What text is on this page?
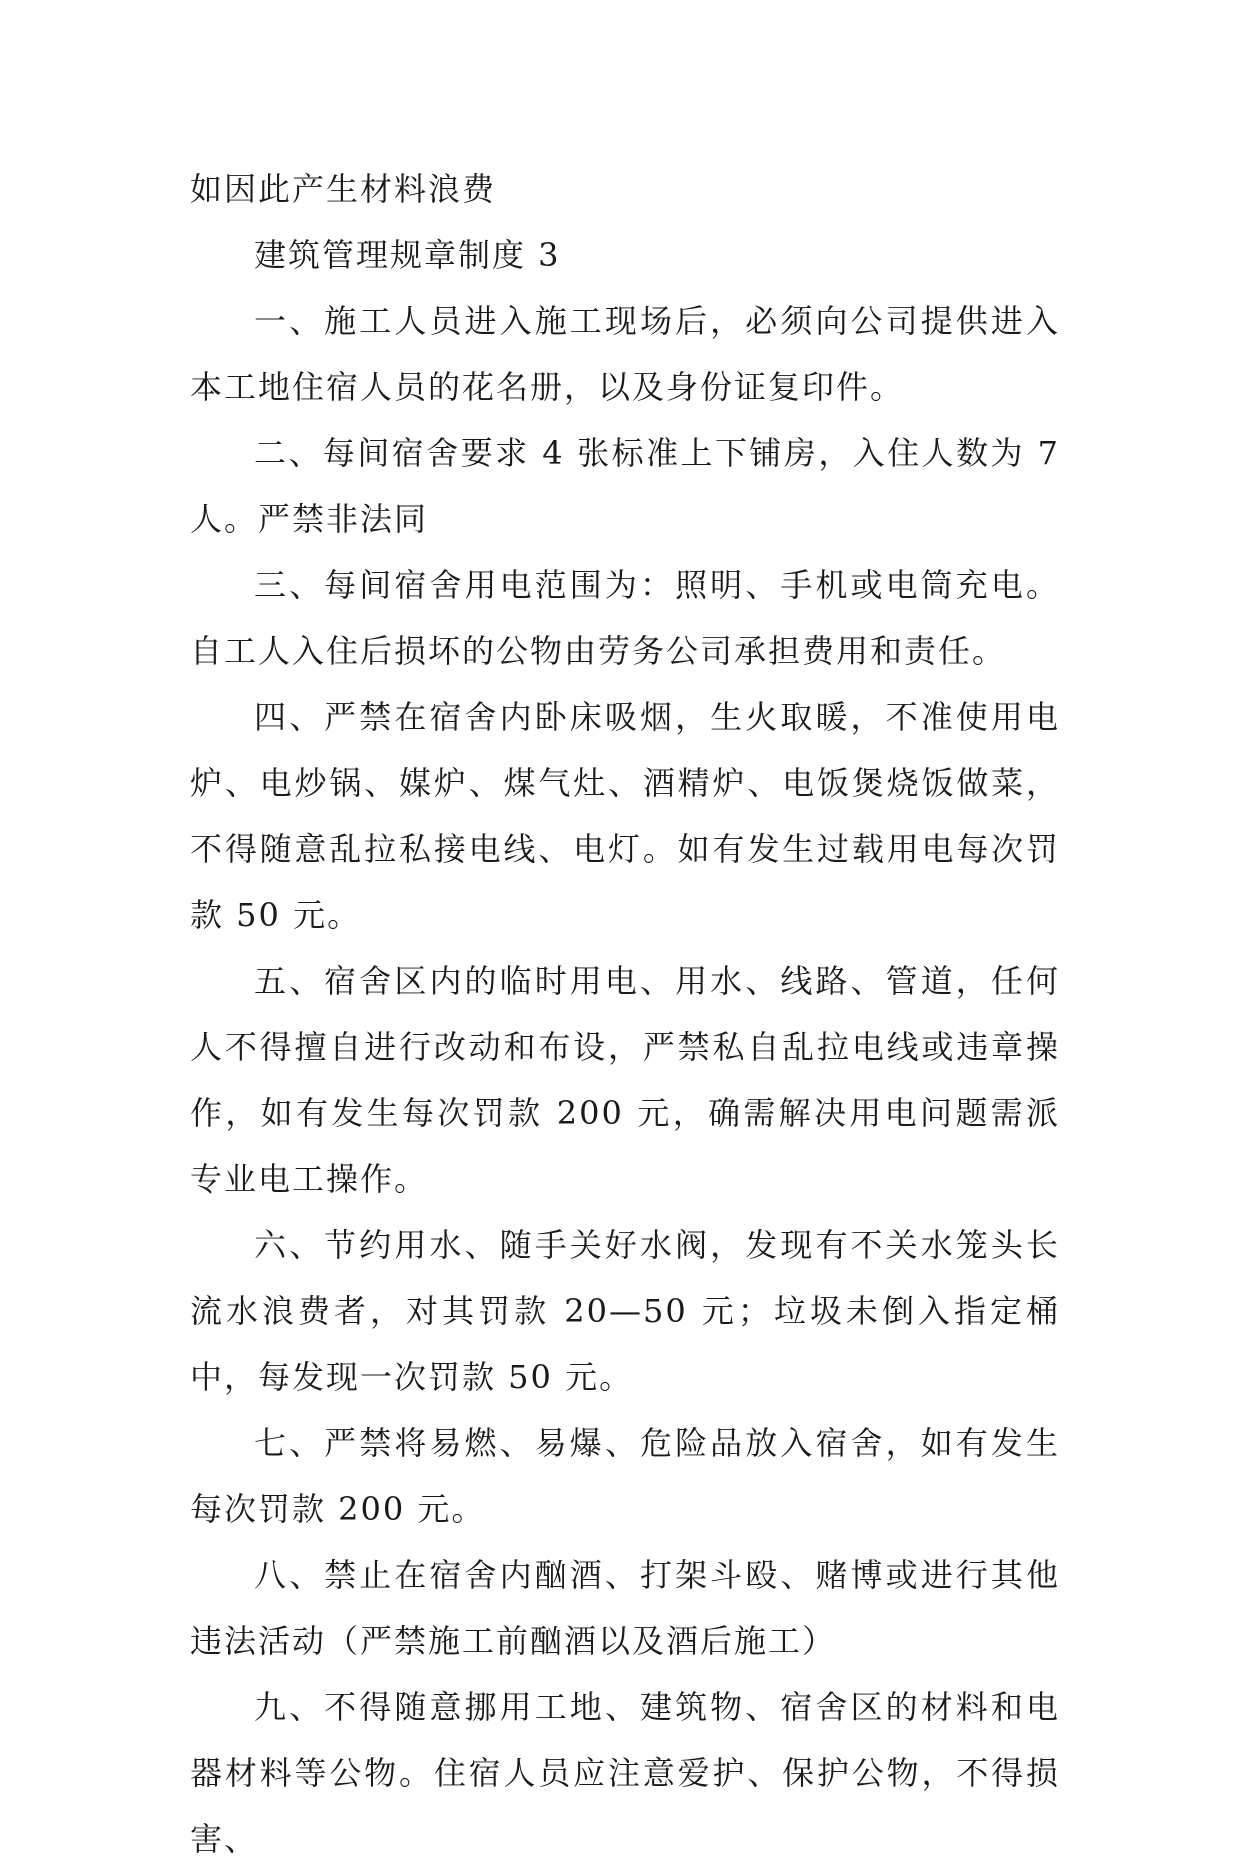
如因此产生材料浪费

建筑管理规章制度 3

一、施工人员进入施工现场后，必须向公司提供进入本工地住宿人员的花名册，以及身份证复印件。

二、每间宿舍要求 4 张标准上下铺房，入住人数为 7 人。严禁非法同

三、每间宿舍用电范围为：照明、手机或电筒充电。自工人入住后损坏的公物由劳务公司承担费用和责任。

四、严禁在宿舍内卧床吸烟，生火取暖，不准使用电炉、电炒锅、媒炉、煤气灶、酒精炉、电饭煲烧饭做菜，不得随意乱拉私接电线、电灯。如有发生过载用电每次罚款 50 元。

五、宿舍区内的临时用电、用水、线路、管道，任何人不得擅自进行改动和布设，严禁私自乱拉电线或违章操作，如有发生每次罚款 200 元，确需解决用电问题需派专业电工操作。

六、节约用水、随手关好水阀，发现有不关水笼头长流水浪费者，对其罚款 20—50 元；垃圾未倒入指定桶中，每发现一次罚款 50 元。

七、严禁将易燃、易爆、危险品放入宿舍，如有发生每次罚款 200 元。

八、禁止在宿舍内酗酒、打架斗殴、赌博或进行其他违法活动（严禁施工前酗酒以及酒后施工）

九、不得随意挪用工地、建筑物、宿舍区的材料和电器材料等公物。住宿人员应注意爱护、保护公物，不得损害、
